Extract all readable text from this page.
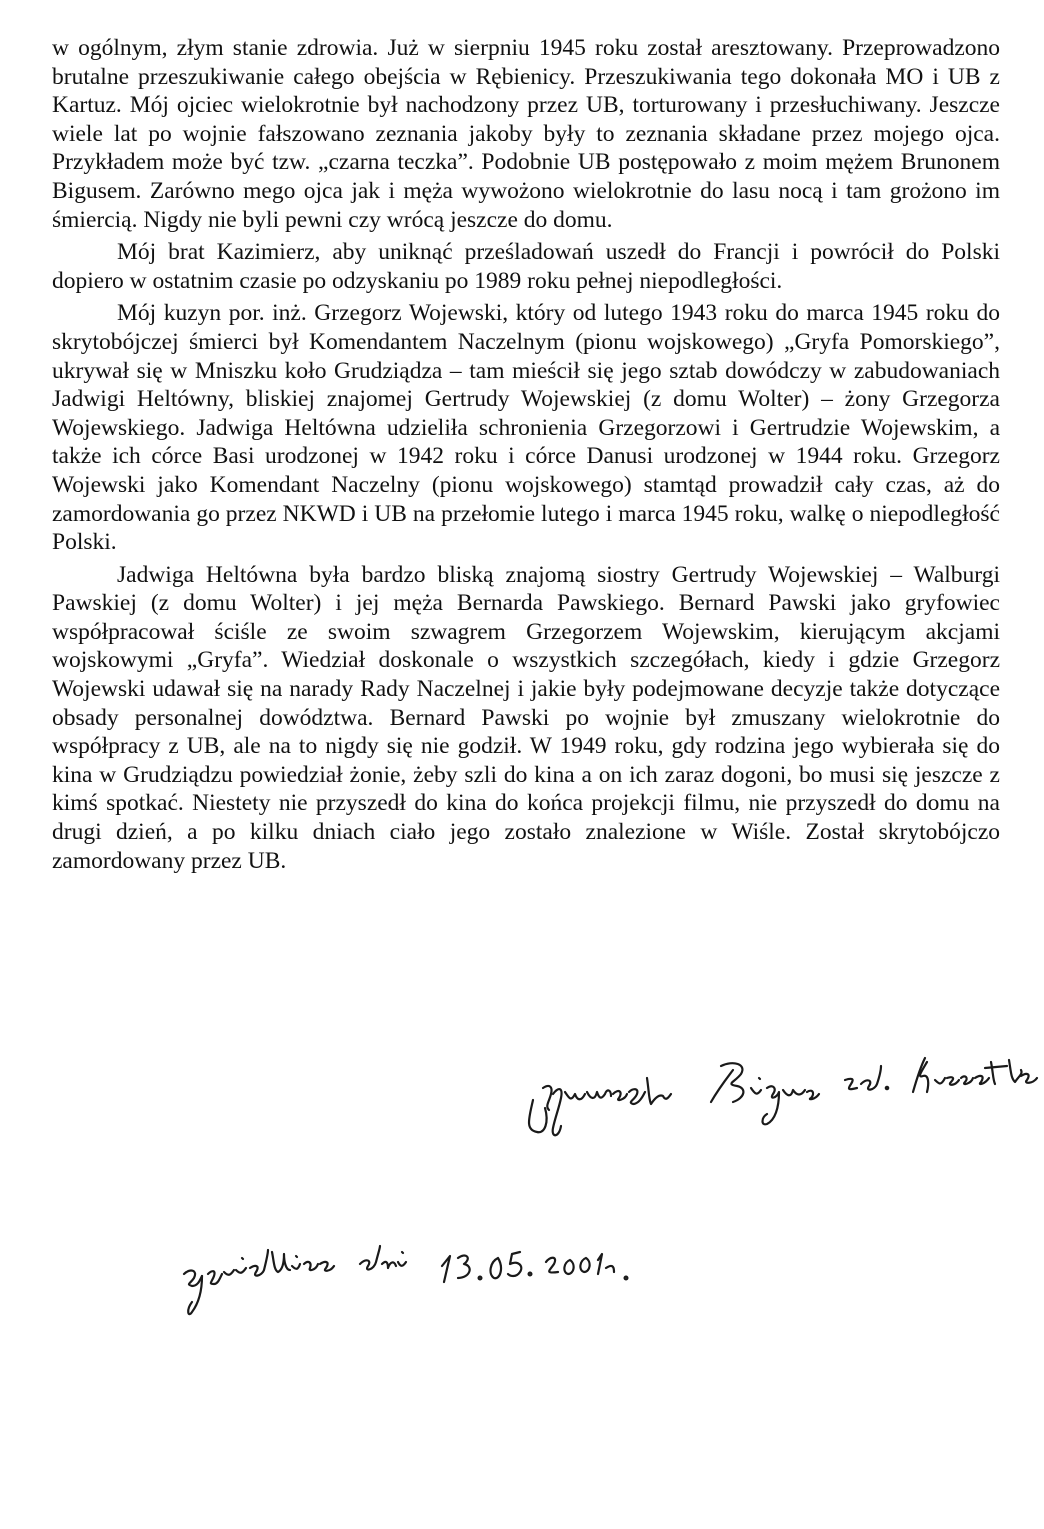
w ogólnym, złym stanie zdrowia. Już w sierpniu 1945 roku został aresztowany. Przeprowadzono brutalne przeszukiwanie całego obejścia w Rębienicy. Przeszukiwania tego dokonała MO i UB z Kartuz. Mój ojciec wielokrotnie był nachodzony przez UB, torturowany i przesłuchiwany. Jeszcze wiele lat po wojnie fałszowano zeznania jakoby były to zeznania składane przez mojego ojca. Przykładem może być tzw. „czarna teczka”. Podobnie UB postępowało z moim mężem Brunonem Bigusem. Zarówno mego ojca jak i męża wywożono wielokrotnie do lasu nocą i tam grożono im śmiercią. Nigdy nie byli pewni czy wrócą jeszcze do domu.

Mój brat Kazimierz, aby uniknąć prześladowań uszedł do Francji i powrócił do Polski dopiero w ostatnim czasie po odzyskaniu po 1989 roku pełnej niepodległości.

Mój kuzyn por. inż. Grzegorz Wojewski, który od lutego 1943 roku do marca 1945 roku do skrytobójczej śmierci był Komendantem Naczelnym (pionu wojskowego) „Gryfa Pomorskiego”, ukrywał się w Mniszku koło Grudziądza – tam mieścił się jego sztab dowódczy w zabudowaniach Jadwigi Heltówny, bliskiej znajomej Gertrudy Wojewskiej (z domu Wolter) – żony Grzegorza Wojewskiego. Jadwiga Heltówna udzieliła schronienia Grzegorzowi i Gertrudzie Wojewskim, a także ich córce Basi urodzonej w 1942 roku i córce Danusi urodzonej w 1944 roku. Grzegorz Wojewski jako Komendant Naczelny (pionu wojskowego) stamtąd prowadził cały czas, aż do zamordowania go przez NKWD i UB na przełomie lutego i marca 1945 roku, walkę o niepodległość Polski.

Jadwiga Heltówna była bardzo bliską znajomą siostry Gertrudy Wojewskiej – Walburgi Pawskiej (z domu Wolter) i jej męża Bernarda Pawskiego. Bernard Pawski jako gryfowiec współpracował ściśle ze swoim szwagrem Grzegorzem Wojewskim, kierującym akcjami wojskowymi „Gryfa”. Wiedział doskonale o wszystkich szczegółach, kiedy i gdzie Grzegorz Wojewski udawał się na narady Rady Naczelnej i jakie były podejmowane decyzje także dotyczące obsady personalnej dowództwa. Bernard Pawski po wojnie był zmuszany wielokrotnie do współpracy z UB, ale na to nigdy się nie godził. W 1949 roku, gdy rodzina jego wybierała się do kina w Grudziądzu powiedział żonie, żeby szli do kina a on ich zaraz dogoni, bo musi się jeszcze z kimś spotkać. Niestety nie przyszedł do kina do końca projekcji filmu, nie przyszedł do domu na drugi dzień, a po kilku dniach ciało jego zostało znalezione w Wiśle. Został skrytobójczo zamordowany przez UB.
